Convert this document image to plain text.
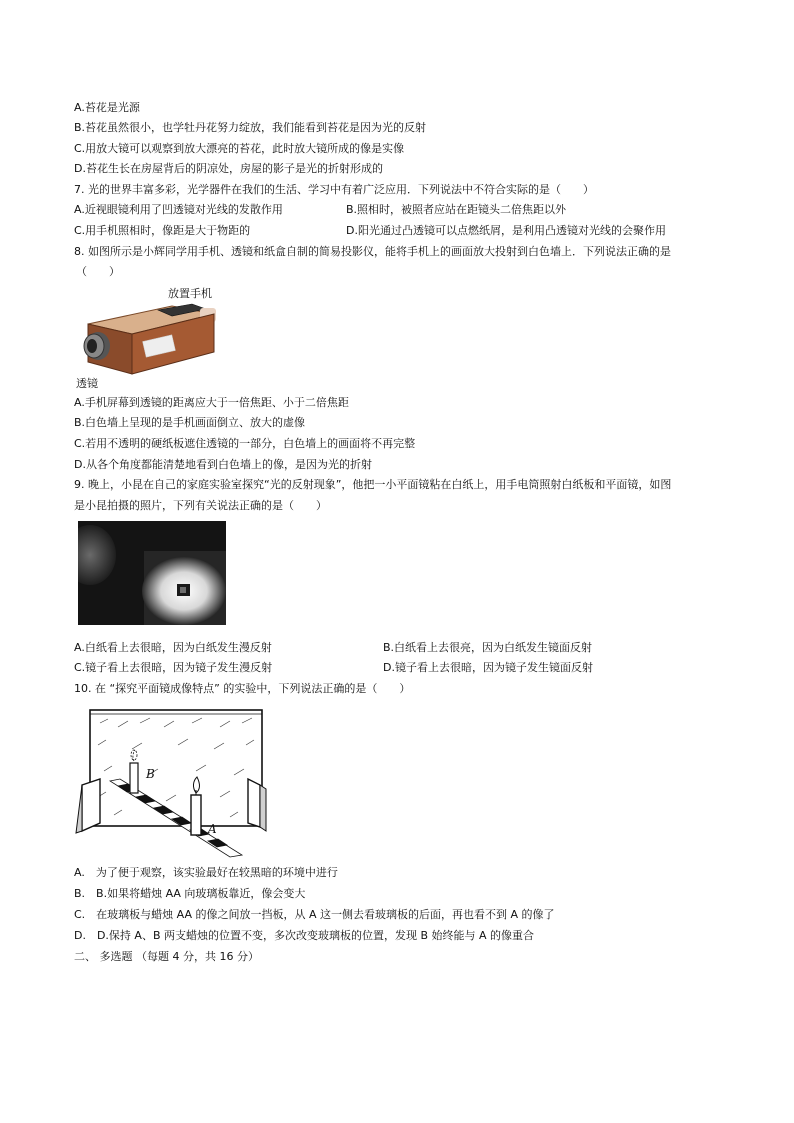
A.苔花是光源
B.苔花虽然很小，也学牡丹花努力绽放，我们能看到苔花是因为光的反射
C.用放大镜可以观察到放大漂亮的苔花，此时放大镜所成的像是实像
D.苔花生长在房屋背后的阴凉处，房屋的影子是光的折射形成的
7. 光的世界丰富多彩，光学器件在我们的生活、学习中有着广泛应用．下列说法中不符合实际的是（　　）
A.近视眼镜利用了凹透镜对光线的发散作用	B.照相时，被照者应站在距镜头二倍焦距以外
C.用手机照相时，像距是大于物距的	D.阳光通过凸透镜可以点燃纸屑，是利用凸透镜对光线的会聚作用
8. 如图所示是小辉同学用手机、透镜和纸盒自制的简易投影仪，能将手机上的画面放大投射到白色墙上．下列说法正确的是
（　　）
放置手机
透镜
A.手机屏幕到透镜的距离应大于一倍焦距、小于二倍焦距
B.白色墙上呈现的是手机画面倒立、放大的虚像
C.若用不透明的硬纸板遮住透镜的一部分，白色墙上的画面将不再完整
D.从各个角度都能清楚地看到白色墙上的像，是因为光的折射
9. 晚上，小昆在自己的家庭实验室探究“光的反射现象”，他把一小平面镜粘在白纸上，用手电筒照射白纸板和平面镜，如图
是小昆拍摄的照片，下列有关说法正确的是（　　）
A.白纸看上去很暗，因为白纸发生漫反射	B.白纸看上去很亮，因为白纸发生镜面反射
C.镜子看上去很暗，因为镜子发生漫反射	D.镜子看上去很暗，因为镜子发生镜面反射
10. 在 “探究平面镜成像特点” 的实验中，下列说法正确的是（　　）
B
A
A.　为了便于观察，该实验最好在较黑暗的环境中进行
B.　B.如果将蜡烛 AA 向玻璃板靠近，像会变大
C.　在玻璃板与蜡烛 AA 的像之间放一挡板，从 A 这一侧去看玻璃板的后面，再也看不到 A 的像了
D.　D.保持 A、B 两支蜡烛的位置不变，多次改变玻璃板的位置，发现 B 始终能与 A 的像重合
二、 多选题 （每题 4 分，共 16 分）
